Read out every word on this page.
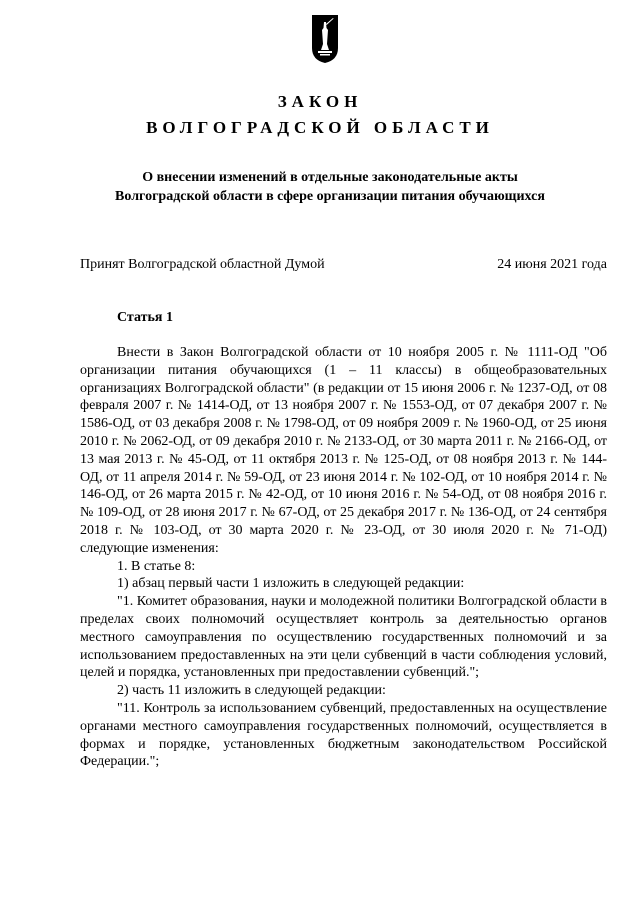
ЗАКОН
ВОЛГОГРАДСКОЙ ОБЛАСТИ
О внесении изменений в отдельные законодательные акты
Волгоградской области в сфере организации питания обучающихся
Принят Волгоградской областной Думой	24 июня 2021 года
Статья 1

Внести в Закон Волгоградской области от 10 ноября 2005 г. № 1111-ОД "Об организации питания обучающихся (1 – 11 классы) в общеобразовательных организациях Волгоградской области" (в редакции от 15 июня 2006 г. № 1237-ОД, от 08 февраля 2007 г. № 1414-ОД, от 13 ноября 2007 г. № 1553-ОД, от 07 декабря 2007 г. № 1586-ОД, от 03 декабря 2008 г. № 1798-ОД, от 09 ноября 2009 г. № 1960-ОД, от 25 июня 2010 г. № 2062-ОД, от 09 декабря 2010 г. № 2133-ОД, от 30 марта 2011 г. № 2166-ОД, от 13 мая 2013 г. № 45-ОД, от 11 октября 2013 г. № 125-ОД, от 08 ноября 2013 г. № 144-ОД, от 11 апреля 2014 г. № 59-ОД, от 23 июня 2014 г. № 102-ОД, от 10 ноября 2014 г. № 146-ОД, от 26 марта 2015 г. № 42-ОД, от 10 июня 2016 г. № 54-ОД, от 08 ноября 2016 г. № 109-ОД, от 28 июня 2017 г. № 67-ОД, от 25 декабря 2017 г. № 136-ОД, от 24 сентября 2018 г. № 103-ОД, от 30 марта 2020 г. № 23-ОД, от 30 июля 2020 г. № 71-ОД) следующие изменения:

1. В статье 8:

1) абзац первый части 1 изложить в следующей редакции:

"1. Комитет образования, науки и молодежной политики Волгоградской области в пределах своих полномочий осуществляет контроль за деятельностью органов местного самоуправления по осуществлению государственных полномочий и за использованием предоставленных на эти цели субвенций в части соблюдения условий, целей и порядка, установленных при предоставлении субвенций.";

2) часть 11 изложить в следующей редакции:

"11. Контроль за использованием субвенций, предоставленных на осуществление органами местного самоуправления государственных полномочий, осуществляется в формах и порядке, установленных бюджетным законодательством Российской Федерации.";
